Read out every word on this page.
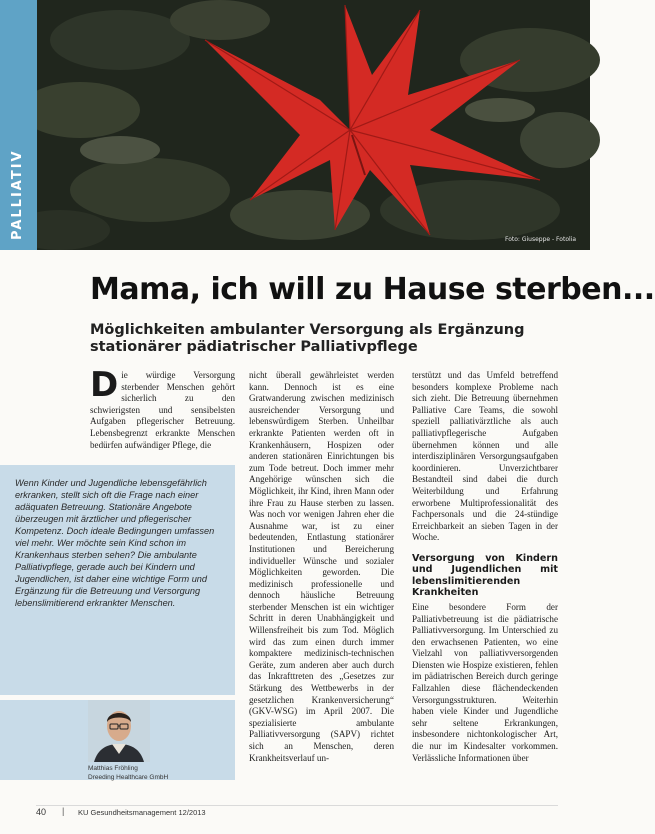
PALLIATIV	Foto: Giuseppe - Fotolia
Mama, ich will zu Hause sterben...
Möglichkeiten ambulanter Versorgung als Ergänzung stationärer pädiatrischer Palliativpflege
D ie würdige Versorgung sterbender Menschen gehört sicherlich zu den schwierigsten und sensibelsten Aufgaben pflegerischer Betreuung. Lebensbegrenzt erkrankte Menschen bedürfen aufwändiger Pflege, die

Wenn Kinder und Jugendliche lebensgefährlich erkranken, stellt sich oft die Frage nach einer adäquaten Betreuung. Stationäre Angebote überzeugen mit ärztlicher und pflegerischer Kompetenz. Doch ideale Bedingungen umfassen viel mehr. Wer möchte sein Kind schon im Krankenhaus sterben sehen? Die ambulante Palliativpflege, gerade auch bei Kindern und Jugendlichen, ist daher eine wichtige Form und Ergänzung für die Betreuung und Versorgung lebenslimitierend erkrankter Menschen.
Matthias Fröhling
Dreeding Healthcare GmbH

nicht überall gewährleistet werden kann. Dennoch ist es eine Gratwanderung zwischen medizinisch ausreichender Versorgung und lebenswürdigem Sterben. Unheilbar erkrankte Patienten werden oft in Krankenhäusern, Hospizen oder anderen stationären Einrichtungen bis zum Tode betreut. Doch immer mehr Angehörige wünschen sich die Möglichkeit, ihr Kind, ihren Mann oder ihre Frau zu Hause sterben zu lassen. Was noch vor wenigen Jahren eher die Ausnahme war, ist zu einer bedeutenden, Entlastung stationärer Institutionen und Bereicherung individueller Wünsche und sozialer Möglichkeiten geworden. Die medizinisch professionelle und dennoch häusliche Betreuung sterbender Menschen ist ein wichtiger Schritt in deren Unabhängigkeit und Willensfreiheit bis zum Tod. Möglich wird das zum einen durch immer kompaktere medizinisch-technischen Geräte, zum anderen aber auch durch das Inkrafttreten des „Gesetzes zur Stärkung des Wettbewerbs in der gesetzlichen Krankenversicherung“ (GKV-WSG) im April 2007. Die spezialisierte ambulante Palliativversorgung (SAPV) richtet sich an Menschen, deren Krankheitsverlauf un-

terstützt und das Umfeld betreffend besonders komplexe Probleme nach sich zieht. Die Betreuung übernehmen Palliative Care Teams, die sowohl speziell palliativärztliche als auch palliativpflegerische Aufgaben übernehmen können und alle interdisziplinären Versorgungsaufgaben koordinieren. Unverzichtbarer Bestandteil sind dabei die durch Weiterbildung und Erfahrung erworbene Multiprofessionalität des Fachpersonals und die 24-stündige Erreichbarkeit an sieben Tagen in der Woche.

Versorgung von Kindern und Jugendlichen mit lebenslimitierenden Krankheiten

Eine besondere Form der Palliativbetreuung ist die pädiatrische Palliativversorgung. Im Unterschied zu den erwachsenen Patienten, wo eine Vielzahl von palliativversorgenden Diensten wie Hospize existieren, fehlen im pädiatrischen Bereich durch geringe Fallzahlen diese flächendeckenden Versorgungsstrukturen. Weiterhin haben viele Kinder und Jugendliche sehr seltene Erkrankungen, insbesondere nichtonkologischer Art, die nur im Kindesalter vorkommen. Verlässliche Informationen über

40 | KU Gesundheitsmanagement 12/2013
